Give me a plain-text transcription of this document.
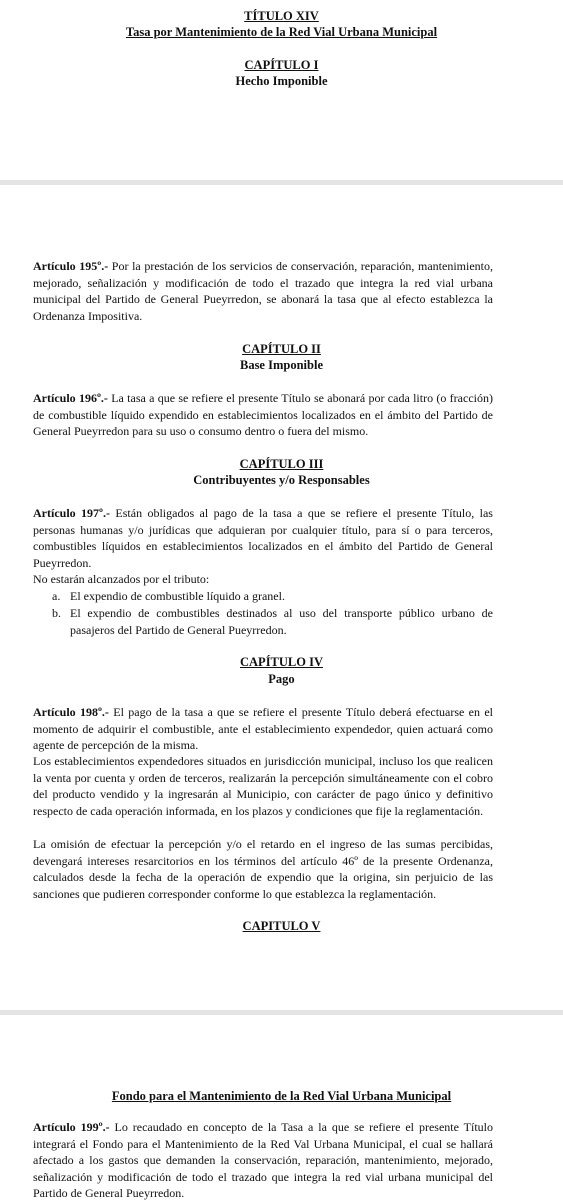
TÍTULO XIV
Tasa por Mantenimiento de la Red Vial Urbana Municipal
CAPÍTULO I
Hecho Imponible

Artículo 195º.- Por la prestación de los servicios de conservación, reparación, mantenimiento, mejorado, señalización y modificación de todo el trazado que integra la red vial urbana municipal del Partido de General Pueyrredon, se abonará la tasa que al efecto establezca la Ordenanza Impositiva.

CAPÍTULO II
Base Imponible

Artículo 196º.- La tasa a que se refiere el presente Título se abonará por cada litro (o fracción) de combustible líquido expendido en establecimientos localizados en el ámbito del Partido de General Pueyrredon para su uso o consumo dentro o fuera del mismo.

CAPÍTULO III
Contribuyentes y/o Responsables

Artículo 197º.- Están obligados al pago de la tasa a que se refiere el presente Título, las personas humanas y/o jurídicas que adquieran por cualquier título, para sí o para terceros, combustibles líquidos en establecimientos localizados en el ámbito del Partido de General Pueyrredon.

No estarán alcanzados por el tributo:

a. El expendio de combustible líquido a granel.
b. El expendio de combustibles destinados al uso del transporte público urbano de pasajeros del Partido de General Pueyrredon.
CAPÍTULO IV
Pago

Artículo 198º.- El pago de la tasa a que se refiere el presente Título deberá efectuarse en el momento de adquirir el combustible, ante el establecimiento expendedor, quien actuará como agente de percepción de la misma.

Los establecimientos expendedores situados en jurisdicción municipal, incluso los que realicen la venta por cuenta y orden de terceros, realizarán la percepción simultáneamente con el cobro del producto vendido y la ingresarán al Municipio, con carácter de pago único y definitivo respecto de cada operación informada, en los plazos y condiciones que fije la reglamentación.

La omisión de efectuar la percepción y/o el retardo en el ingreso de las sumas percibidas, devengará intereses resarcitorios en los términos del artículo 46º de la presente Ordenanza, calculados desde la fecha de la operación de expendio que la origina, sin perjuicio de las sanciones que pudieren corresponder conforme lo que establezca la reglamentación.

CAPITULO V
Fondo para el Mantenimiento de la Red Vial Urbana Municipal

Artículo 199º.- Lo recaudado en concepto de la Tasa a la que se refiere el presente Título integrará el Fondo para el Mantenimiento de la Red Val Urbana Municipal, el cual se hallará afectado a los gastos que demanden la conservación, reparación, mantenimiento, mejorado, señalización y modificación de todo el trazado que integra la red vial urbana municipal del Partido de General Pueyrredon.
